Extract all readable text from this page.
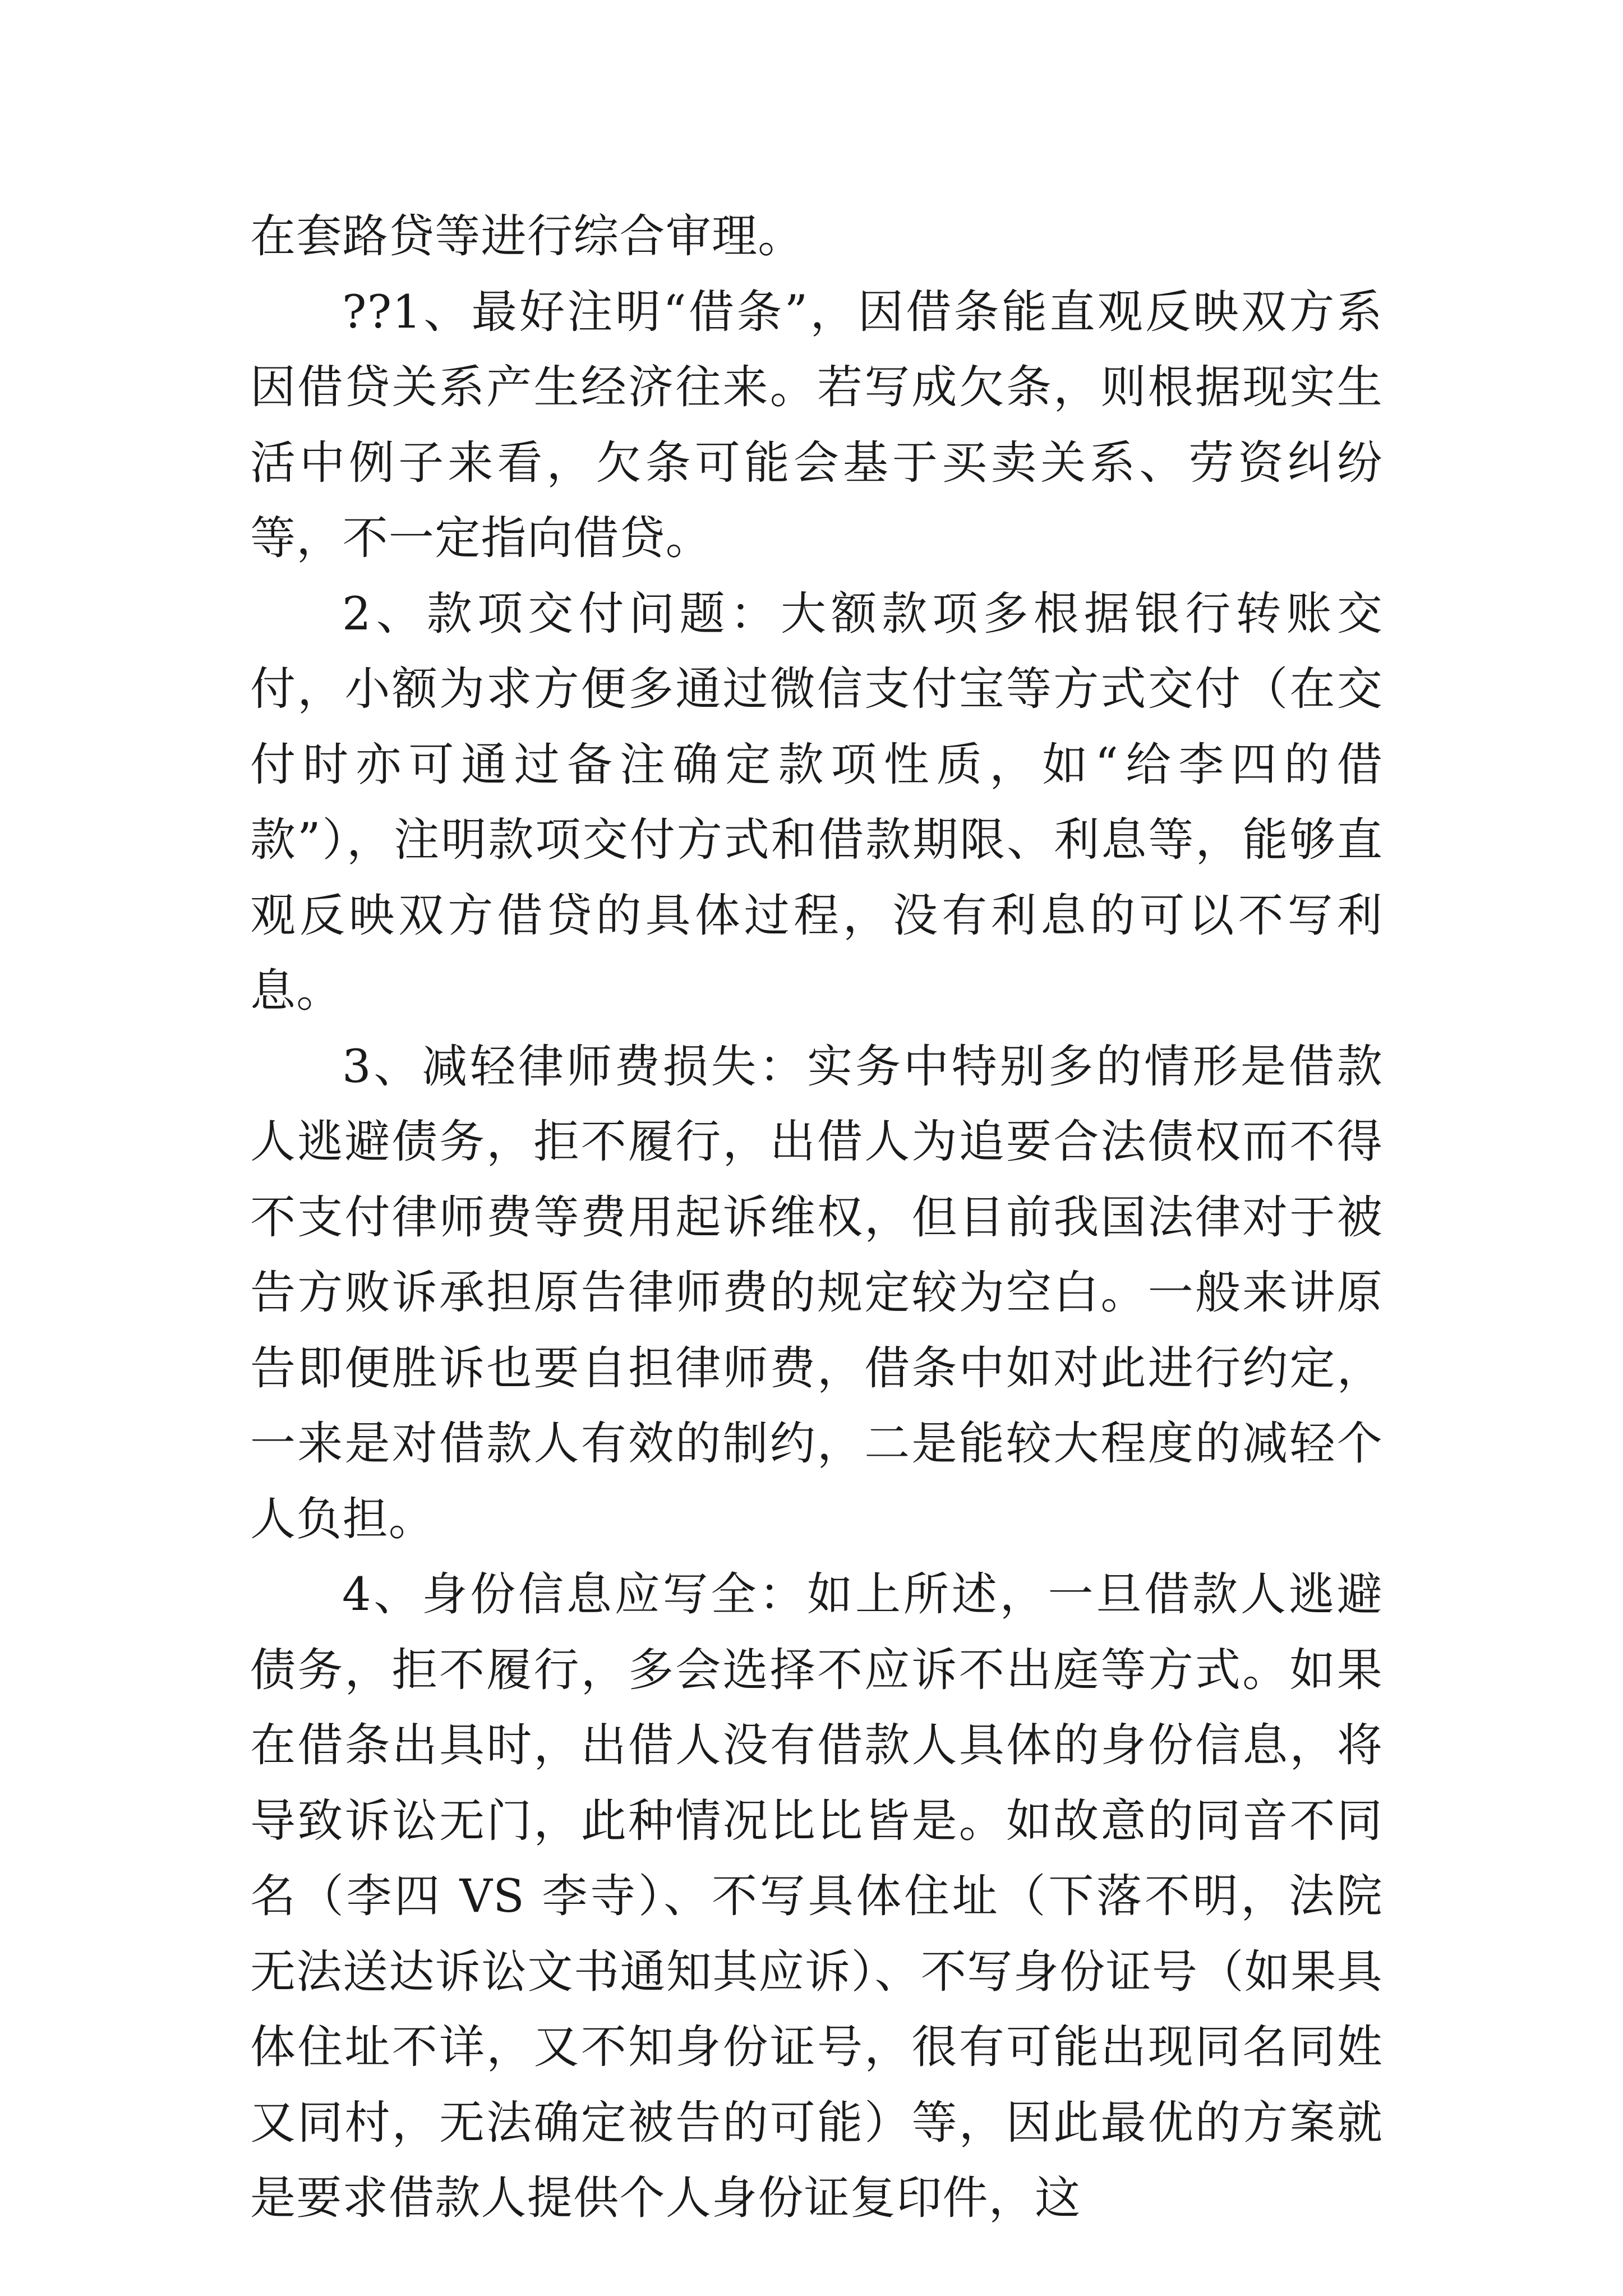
在套路贷等进行综合审理。

??1、最好注明“借条”，因借条能直观反映双方系因借贷关系产生经济往来。若写成欠条，则根据现实生活中例子来看，欠条可能会基于买卖关系、劳资纠纷等，不一定指向借贷。

2、款项交付问题：大额款项多根据银行转账交付，小额为求方便多通过微信支付宝等方式交付（在交付时亦可通过备注确定款项性质，如“给李四的借款”），注明款项交付方式和借款期限、利息等，能够直观反映双方借贷的具体过程，没有利息的可以不写利息。

3、减轻律师费损失：实务中特别多的情形是借款人逃避债务，拒不履行，出借人为追要合法债权而不得不支付律师费等费用起诉维权，但目前我国法律对于被告方败诉承担原告律师费的规定较为空白。一般来讲原告即便胜诉也要自担律师费，借条中如对此进行约定，一来是对借款人有效的制约，二是能较大程度的减轻个人负担。

4、身份信息应写全：如上所述，一旦借款人逃避债务，拒不履行，多会选择不应诉不出庭等方式。如果在借条出具时，出借人没有借款人具体的身份信息，将导致诉讼无门，此种情况比比皆是。如故意的同音不同名（李四 VS 李寺）、不写具体住址（下落不明，法院无法送达诉讼文书通知其应诉）、不写身份证号（如果具体住址不详，又不知身份证号，很有可能出现同名同姓又同村，无法确定被告的可能）等，因此最优的方案就是要求借款人提供个人身份证复印件，这
